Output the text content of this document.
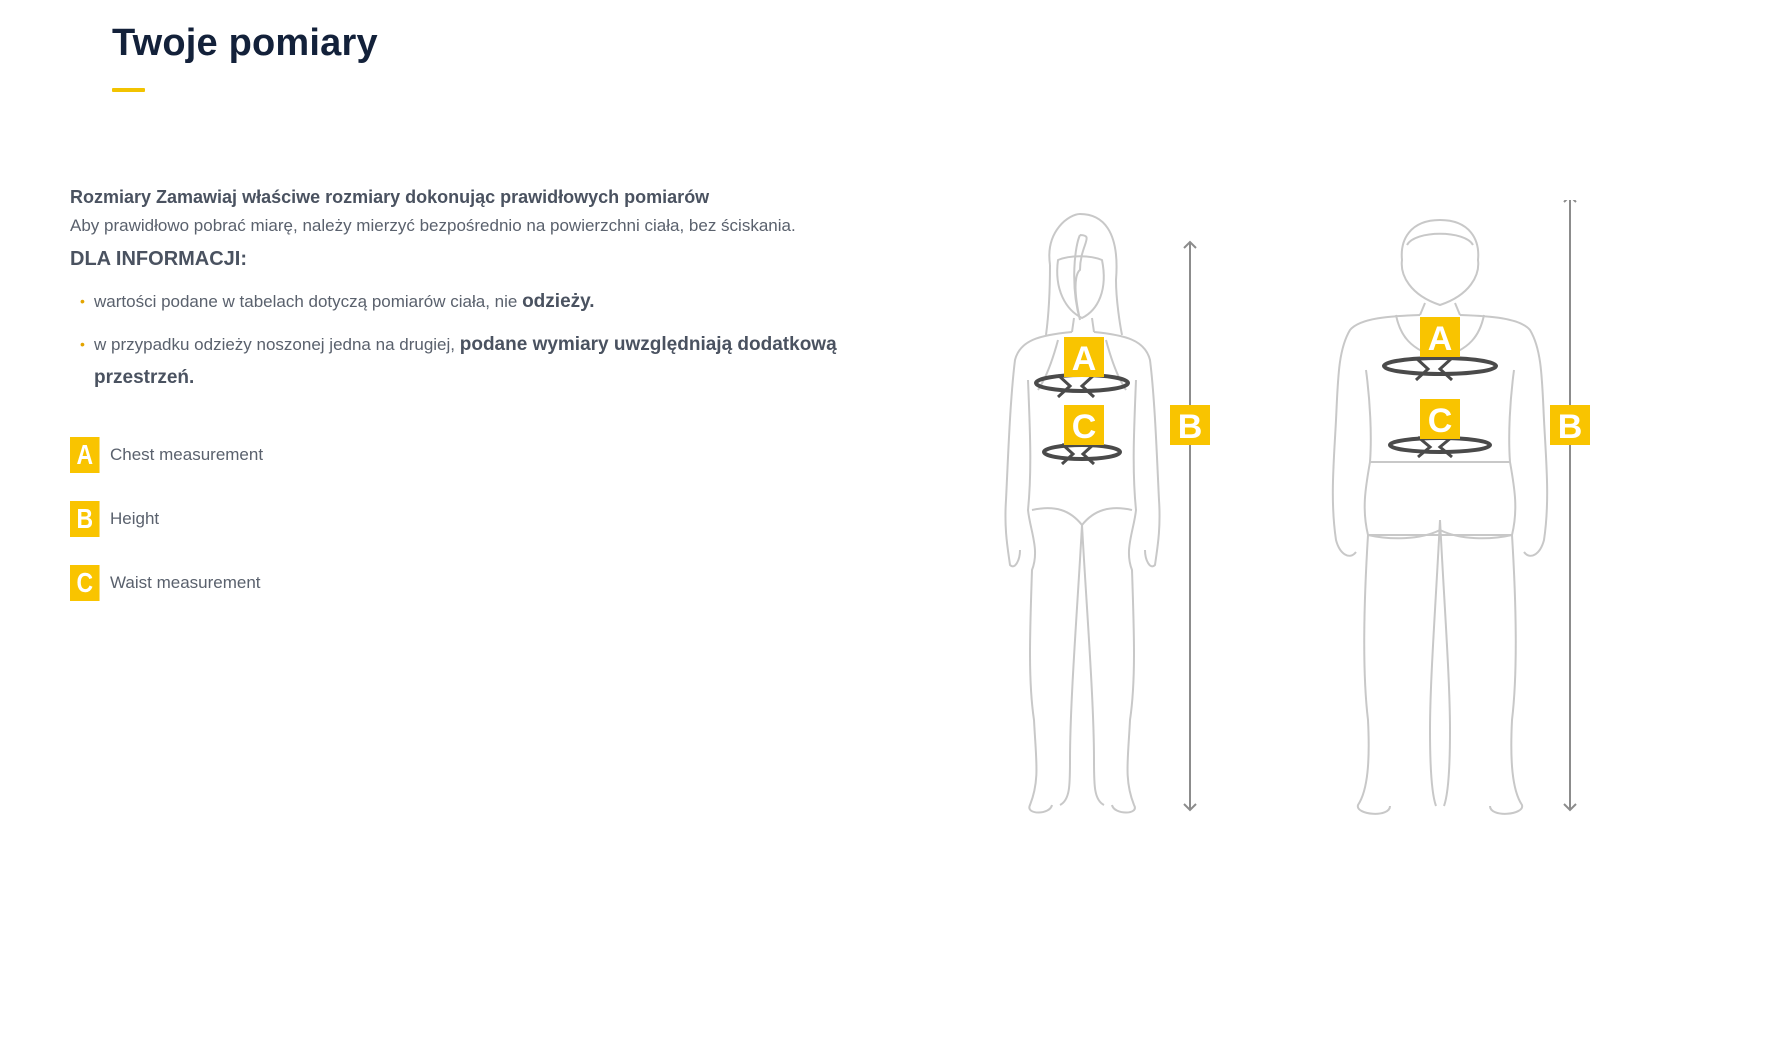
Twoje pomiary

Rozmiary Zamawiaj właściwe rozmiary dokonując prawidłowych pomiarów

Aby prawidłowo pobrać miarę, należy mierzyć bezpośrednio na powierzchni ciała, bez ściskania.

DLA INFORMACJI:

• wartości podane w tabelach dotyczą pomiarów ciała, nie odzieży.
• w przypadku odzieży noszonej jedna na drugiej, podane wymiary uwzględniają dodatkową przestrzeń.
A Chest measurement
B Height
C Waist measurement
A
C B
A
C	B
